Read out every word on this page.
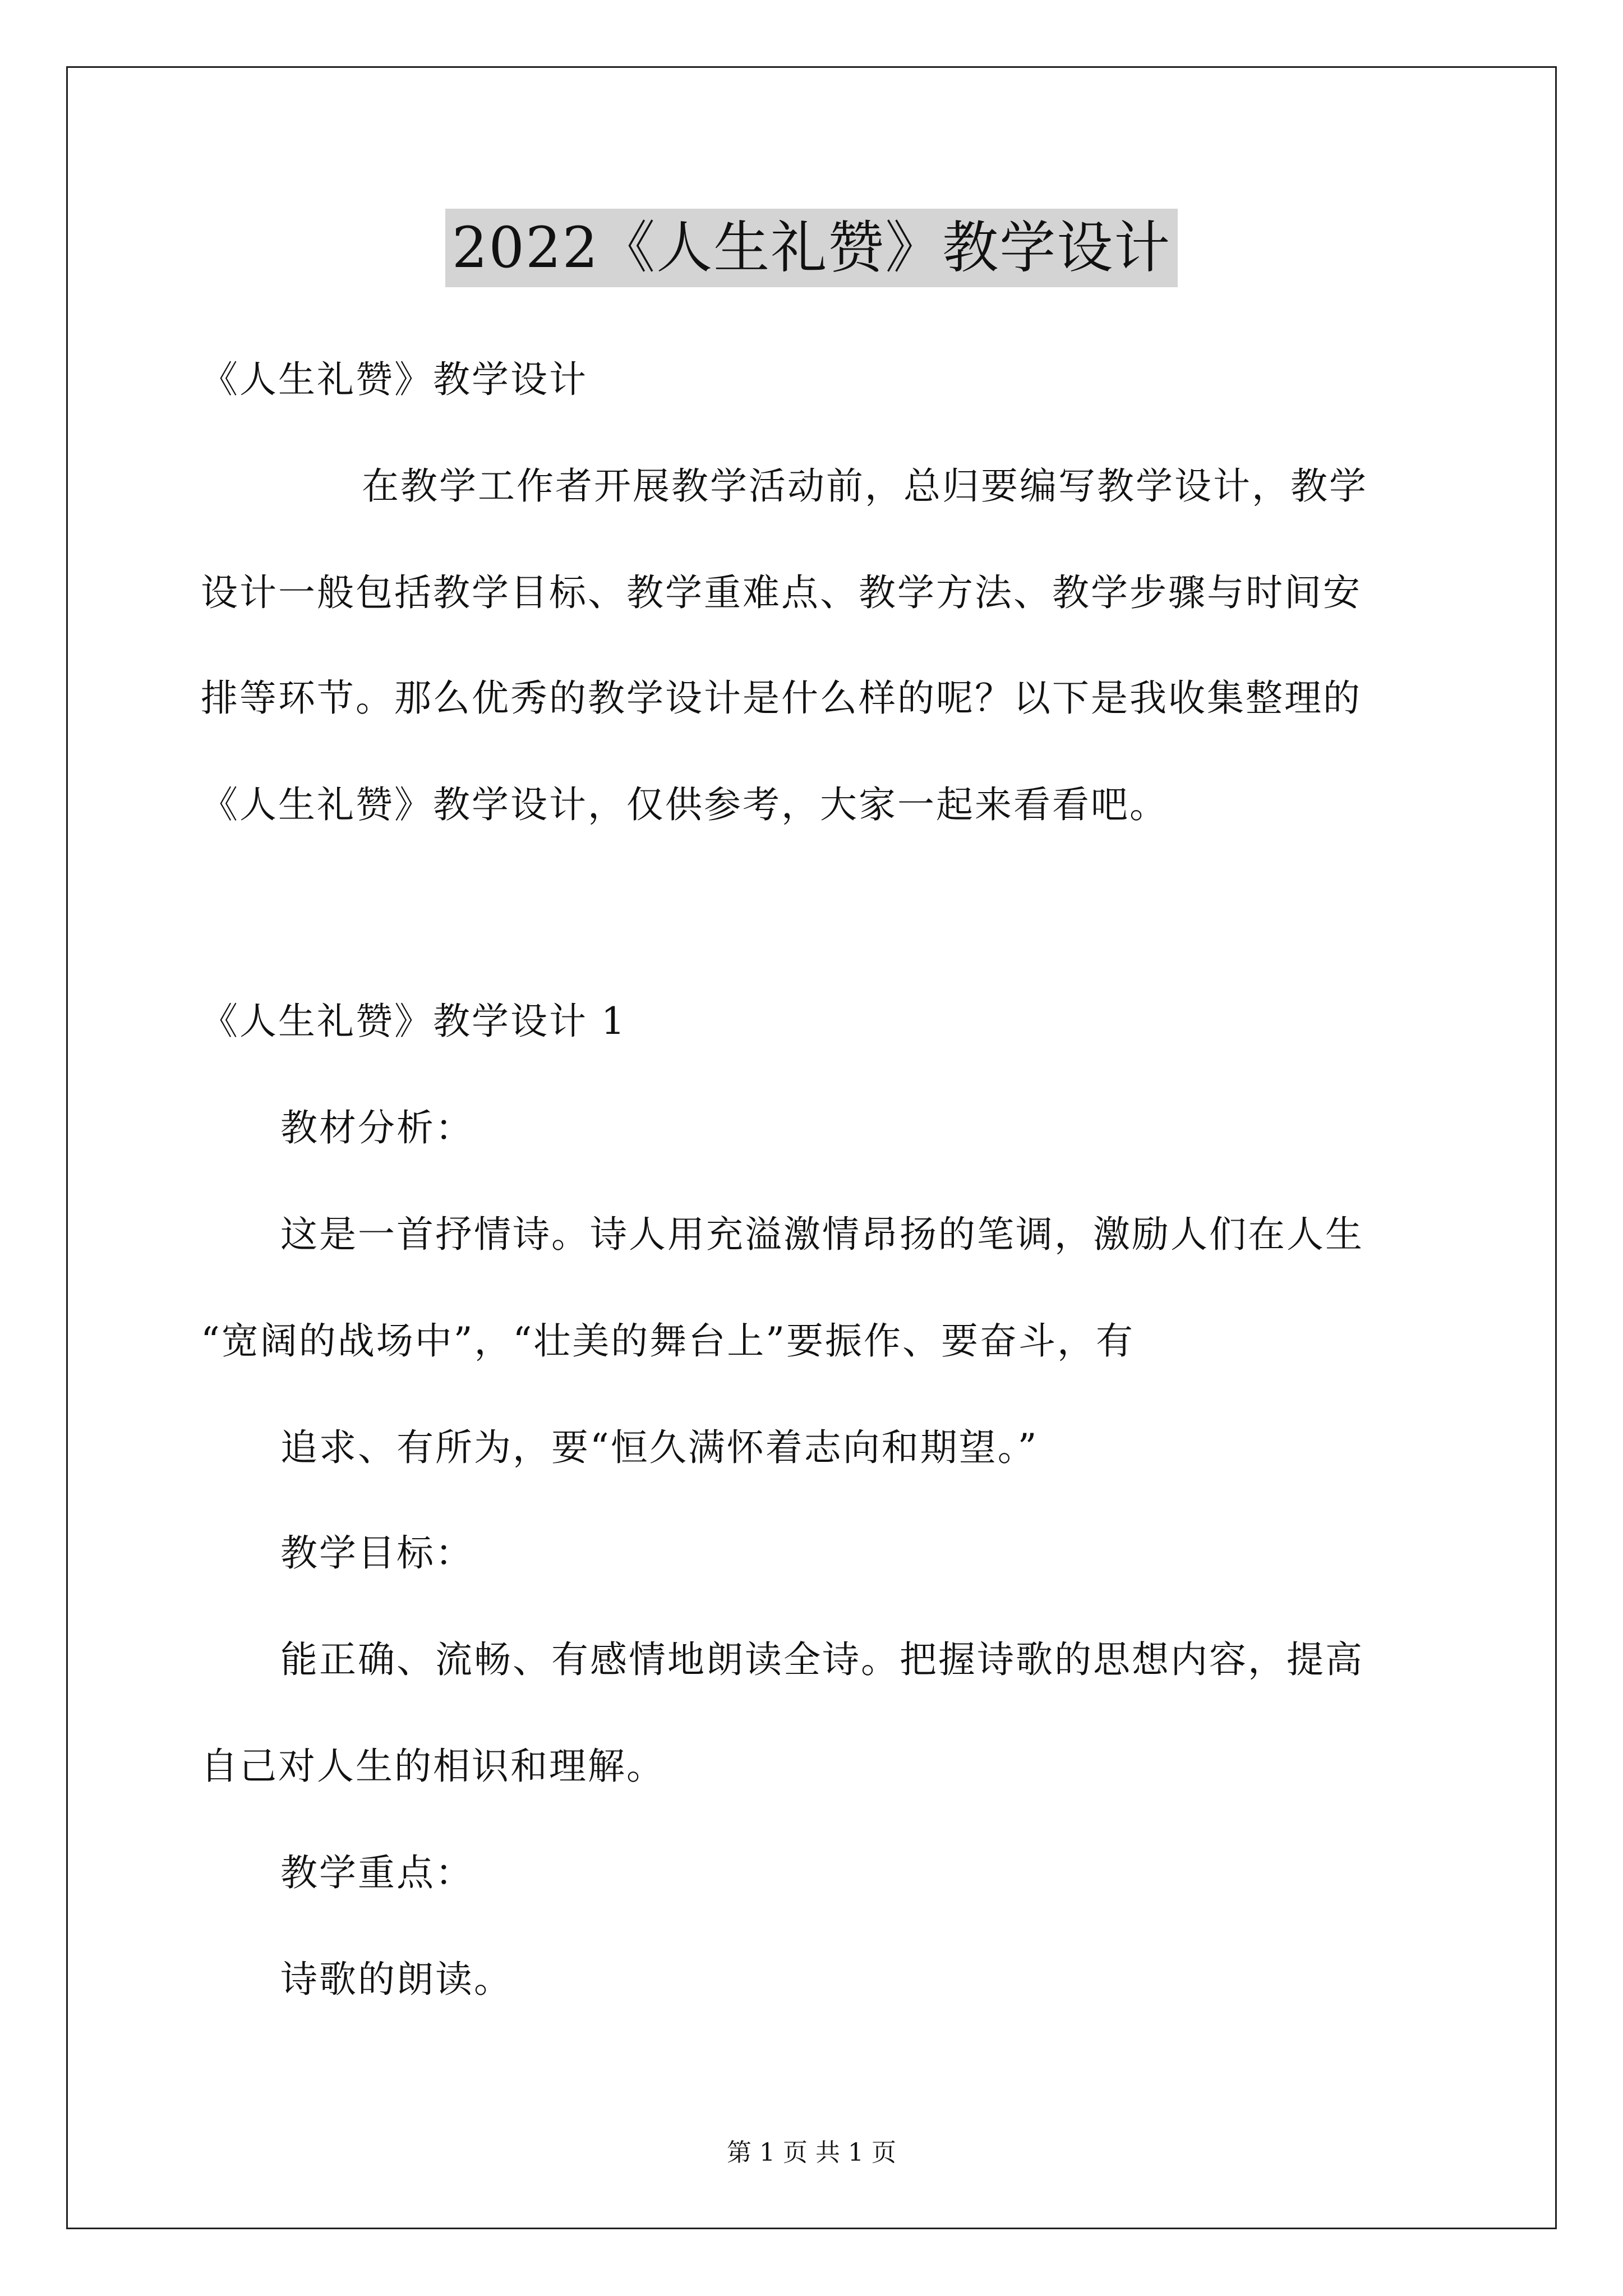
2022《人生礼赞》教学设计
《人生礼赞》教学设计
在教学工作者开展教学活动前，总归要编写教学设计，教学
设计一般包括教学目标、教学重难点、教学方法、教学步骤与时间安
排等环节。那么优秀的教学设计是什么样的呢？以下是我收集整理的
《人生礼赞》教学设计，仅供参考，大家一起来看看吧。
《人生礼赞》教学设计 1
教材分析：
这是一首抒情诗。诗人用充溢激情昂扬的笔调，激励人们在人生
“宽阔的战场中”，“壮美的舞台上”要振作、要奋斗，有
追求、有所为，要“恒久满怀着志向和期望。”
教学目标：
能正确、流畅、有感情地朗读全诗。把握诗歌的思想内容，提高
自己对人生的相识和理解。
教学重点：
诗歌的朗读。
第 1 页 共 1 页
